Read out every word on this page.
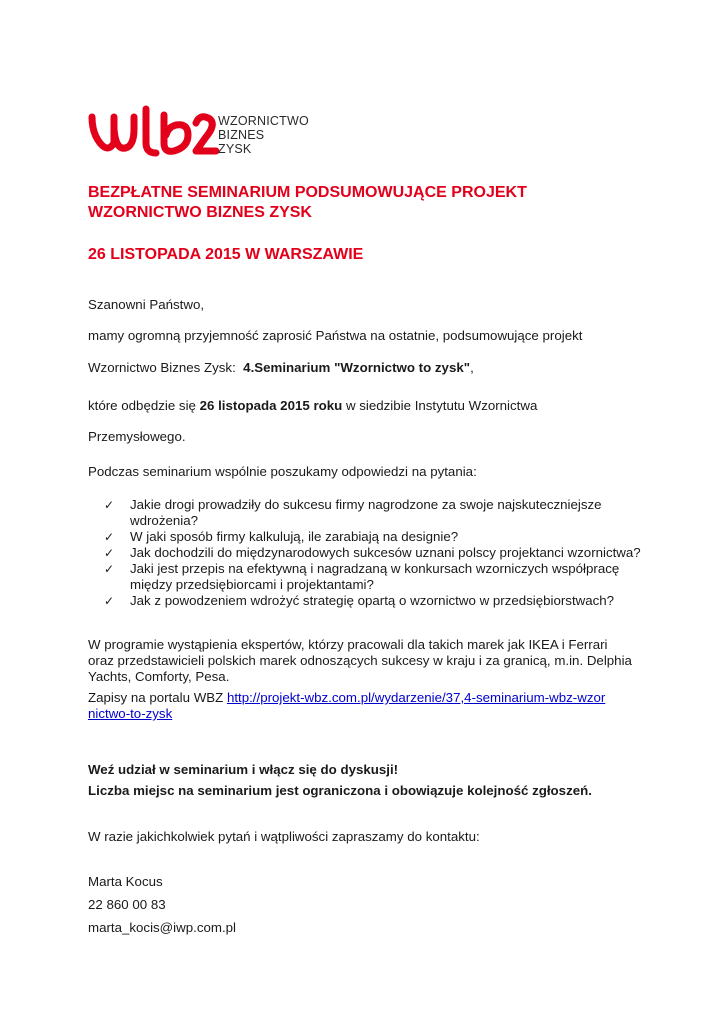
WZORNICTWO
BIZNES
ZYSK
BEZPŁATNE SEMINARIUM PODSUMOWUJĄCE PROJEKT
WZORNICTWO BIZNES ZYSK
26 LISTOPADA 2015 W WARSZAWIE
Szanowni Państwo,
mamy ogromną przyjemność zaprosić Państwa na ostatnie, podsumowujące projekt
Wzornictwo Biznes Zysk:  4.Seminarium "Wzornictwo to zysk",
które odbędzie się 26 listopada 2015 roku w siedzibie Instytutu Wzornictwa
Przemysłowego.
Podczas seminarium wspólnie poszukamy odpowiedzi na pytania:
✓ Jakie drogi prowadziły do sukcesu firmy nagrodzone za swoje najskuteczniejsze wdrożenia?
✓ W jaki sposób firmy kalkulują, ile zarabiają na designie?
✓ Jak dochodzili do międzynarodowych sukcesów uznani polscy projektanci wzornictwa?
✓ Jaki jest przepis na efektywną i nagradzaną w konkursach wzorniczych współpracę między przedsiębiorcami i projektantami?
✓ Jak z powodzeniem wdrożyć strategię opartą o wzornictwo w przedsiębiorstwach?
W programie wystąpienia ekspertów, którzy pracowali dla takich marek jak IKEA i Ferrari oraz przedstawicieli polskich marek odnoszących sukcesy w kraju i za granicą, m.in. Delphia Yachts, Comforty, Pesa.
Zapisy na portalu WBZ http://projekt-wbz.com.pl/wydarzenie/37,4-seminarium-wbz-wzornictwo-to-zysk
Weź udział w seminarium i włącz się do dyskusji!
Liczba miejsc na seminarium jest ograniczona i obowiązuje kolejność zgłoszeń.
W razie jakichkolwiek pytań i wątpliwości zapraszamy do kontaktu:
Marta Kocus
22 860 00 83
marta_kocis@iwp.com.pl
